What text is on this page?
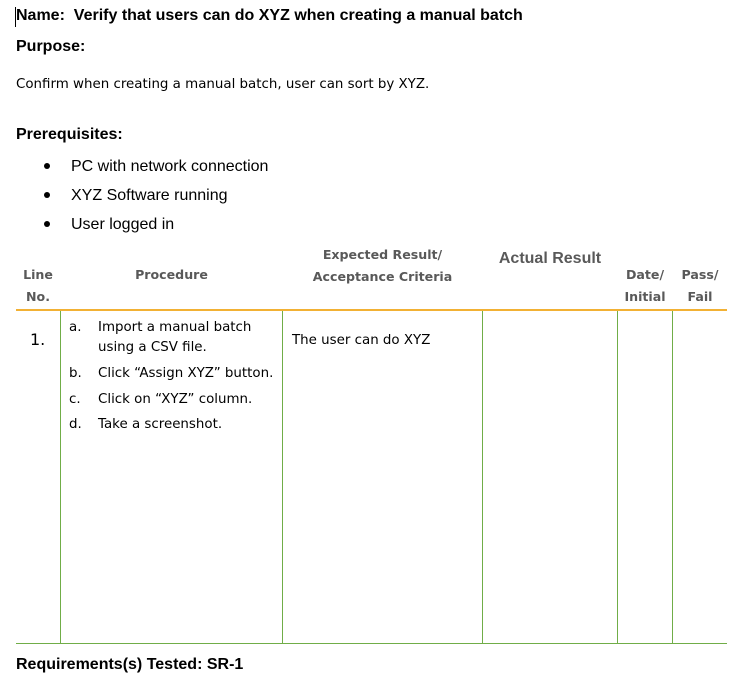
Name: Verify that users can do XYZ when creating a manual batch
Purpose:
Confirm when creating a manual batch, user can sort by XYZ.
Prerequisites:
PC with network connection
XYZ Software running
User logged in
Line
No.
Procedure
Expected Result/
Acceptance Criteria
Actual Result
Date/
Initial
Pass/
Fail
1.
a. Import a manual batch
using a CSV file.
b. Click “Assign XYZ” button.
c. Click on “XYZ” column.
d. Take a screenshot.
The user can do XYZ
Requirements(s) Tested: SR-1
